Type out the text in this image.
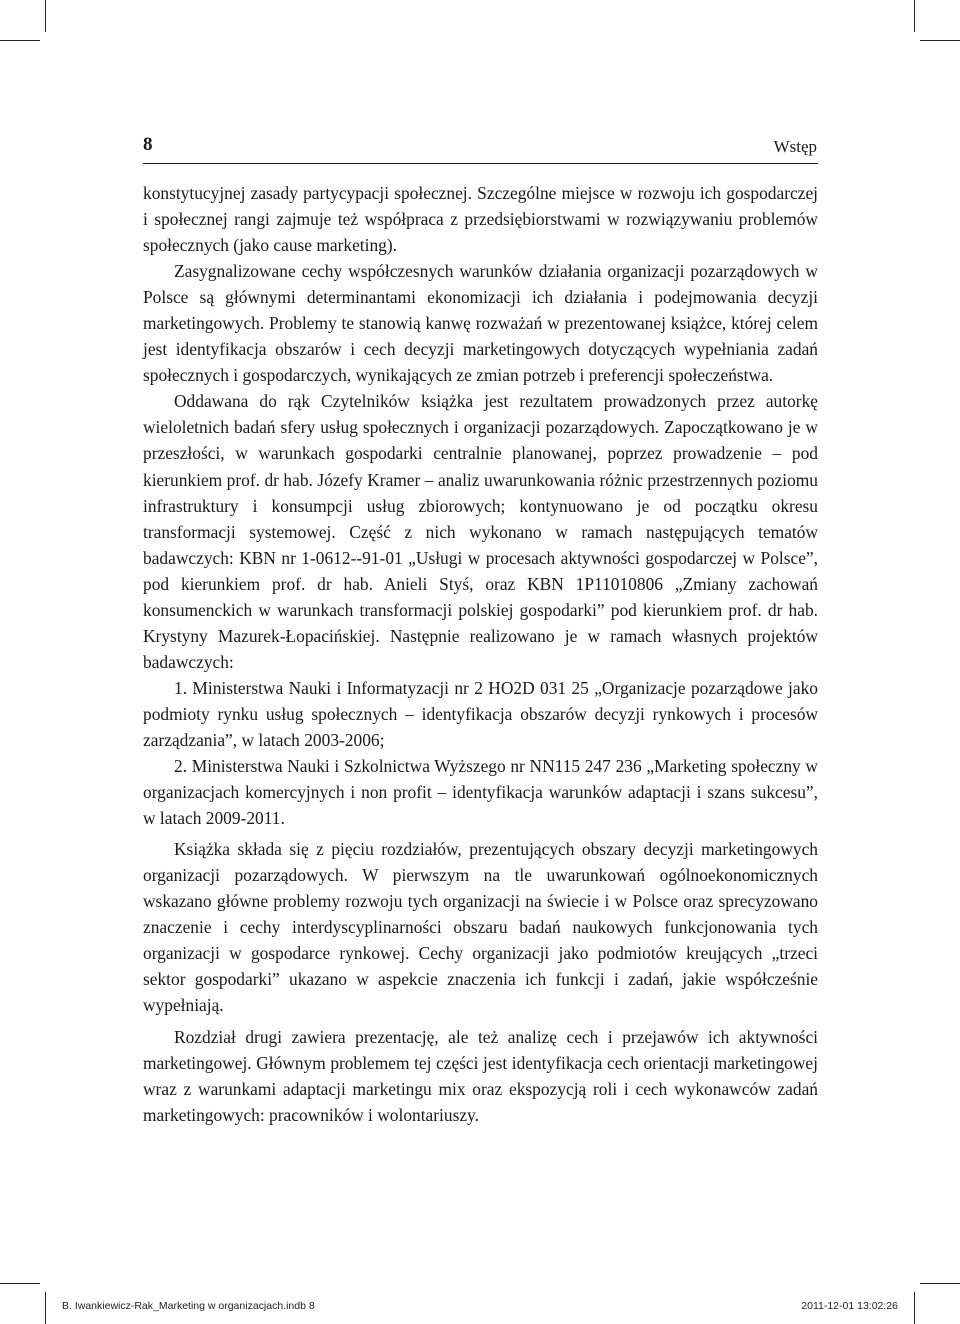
8	Wstęp

konstytucyjnej zasady partycypacji społecznej. Szczególne miejsce w rozwoju ich gospodarczej i społecznej rangi zajmuje też współpraca z przedsiębiorstwami w rozwiązywaniu problemów społecznych (jako cause marketing).

Zasygnalizowane cechy współczesnych warunków działania organizacji pozarządowych w Polsce są głównymi determinantami ekonomizacji ich działania i podejmowania decyzji marketingowych. Problemy te stanowią kanwę rozważań w prezentowanej książce, której celem jest identyfikacja obszarów i cech decyzji marketingowych dotyczących wypełniania zadań społecznych i gospodarczych, wynikających ze zmian potrzeb i preferencji społeczeństwa.

Oddawana do rąk Czytelników książka jest rezultatem prowadzonych przez autorkę wieloletnich badań sfery usług społecznych i organizacji pozarządowych. Zapoczątkowano je w przeszłości, w warunkach gospodarki centralnie planowanej, poprzez prowadzenie – pod kierunkiem prof. dr hab. Józefy Kramer – analiz uwarunkowania różnic przestrzennych poziomu infrastruktury i konsumpcji usług zbiorowych; kontynuowano je od początku okresu transformacji systemowej. Część z nich wykonano w ramach następujących tematów badawczych: KBN nr 1-0612-​-91-01 „Usługi w procesach aktywności gospodarczej w Polsce”, pod kierunkiem prof. dr hab. Anieli Styś, oraz KBN 1P11010806 „Zmiany zachowań konsumenckich w warunkach transformacji polskiej gospodarki” pod kierunkiem prof. dr hab. Krystyny Mazurek-Łopacińskiej. Następnie realizowano je w ramach własnych projektów badawczych:

1. Ministerstwa Nauki i Informatyzacji nr 2 HO2D 031 25 „Organizacje pozarządowe jako podmioty rynku usług społecznych – identyfikacja obszarów decyzji rynkowych i procesów zarządzania”, w latach 2003-2006;

2. Ministerstwa Nauki i Szkolnictwa Wyższego nr NN115 247 236 „Marketing społeczny w organizacjach komercyjnych i non profit – identyfikacja warunków adaptacji i szans sukcesu”, w latach 2009-2011.

Książka składa się z pięciu rozdziałów, prezentujących obszary decyzji marketingowych organizacji pozarządowych. W pierwszym na tle uwarunkowań ogólnoekonomicznych wskazano główne problemy rozwoju tych organizacji na świecie i w Polsce oraz sprecyzowano znaczenie i cechy interdyscyplinarności obszaru badań naukowych funkcjonowania tych organizacji w gospodarce rynkowej. Cechy organizacji jako podmiotów kreujących „trzeci sektor gospodarki” ukazano w aspekcie znaczenia ich funkcji i zadań, jakie współcześnie wypełniają.

Rozdział drugi zawiera prezentację, ale też analizę cech i przejawów ich aktywności marketingowej. Głównym problemem tej części jest identyfikacja cech orientacji marketingowej wraz z warunkami adaptacji marketingu mix oraz ekspozycją roli i cech wykonawców zadań marketingowych: pracowników i wolontariuszy.

B. Iwankiewicz-Rak_Marketing w organizacjach.indb 8	2011-12-01 13:02:26
